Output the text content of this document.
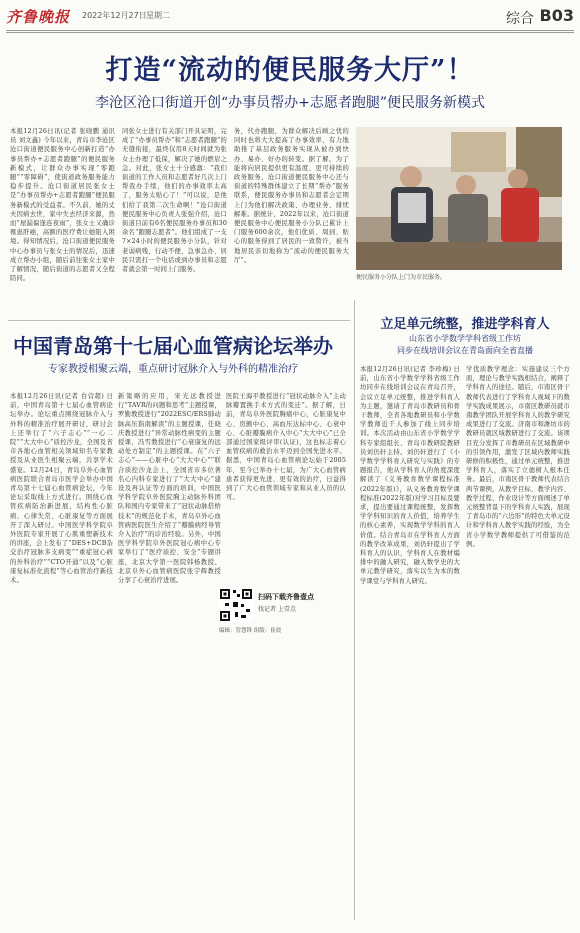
齐鲁晚报 2022年12月27日 星期二	综合 B03
打造“流动的便民服务大厅”！
李沧区沧口街道开创“办事员帮办+志愿者跑腿”便民服务新模式
本报12月26日讯(记者 张晓鹏 通讯员 刘文鑫) 今年以来，青岛市李沧区沧口街道便民服务中心创新打造“办事员帮办+志愿者跑腿”的便民服务新模式，让群众办事实现“零跑腿”“零障碍”，使街道政务服务能力稳步提升。沧口街道居民张女士是“办事员帮办+志愿者跑腿”便民服务新模式的受益者。不久前，她的丈夫因病去世，家中失去经济来源，然而“屋漏偏逢连夜雨”，张女士又确诊罹患肝癌，高额的医疗费让她陷入困境。得知情况后，沧口街道便民服务中心办事员与张女士的情况后，迅速成立帮办小组，随后前往张女士家中了解情况，随后街道的志愿者又全程陪同。
同张女士进行有关部门开具证明，完成了“办事员帮办”和“志愿者跑腿”的无缝衔接，最终仅用8天时间就为张女士办理了低保，解决了她的燃眉之急。对此，张女士十分感激：“我们街道的工作人员和志愿者好几次上门帮我办手续，他们的办事效率太高了，服务太贴心了！”可以说，是他们给了我第二次生命啊！”沧口街道便民服务中心负责人张强介绍，沧口街道目前有6名便民服务办事员和30余名“跑腿志愿者”。他们组成了一支7×24小时的便民服务小分队，针对老弱病残、行动不便、急事急办、居民只需打一个电话或到办事员和志愿者就会第一时间上门服务。
务，代办跑腿，为群众解决后顾之忧的同时也将大大提高了办事效率，有力地助推了基层政务服务实现从被办到快办、易办、好办的转变。据了解，为了能将向居民提供更有温度、更可持续的政务服务，沧口街道便民服务中心还与街道的特殊群体建立了长期“帮办”服务联系，便民服务办事员和志愿者会定期上门为他们解决政策、办理业务、排忧解难。据统计，2022年以来，沧口街道便民服务中心便民服务小分队已累计上门服务600余次，他们优质、周到、贴心的服务得到了居民的一致赞许，被当地居民亲切地称为“流动的便民服务大厅”。
便民服务小分队上门为市民服务。
中国青岛第十七届心血管病论坛举办
专家教授相聚云端，重点研讨冠脉介入与外科的精准治疗
本报12月26日讯(记者 台营超) 日前，中国青岛第十七届心血管病论坛举办。论坛重点围绕冠脉介入与外科的精准治疗展开研讨，研讨会上还举行了“六子志心”“一心二院”“大大中心”质控沙龙，全国及省市各地心血管相关领域知名专家教授及从业医生相聚云端，共享学术盛宴。12月24日，青岛阜外心血管病医院联合青岛市医学会举办中国青岛第十七届心血管病论坛，今年论坛采取线上方式进行。围绕心血管疾病防治新进展，结构性心脏病、心律失常、心脏康复等方面展开了深入研讨。中国医学科学院阜外医院专家开展了心肌重塑新技术的讲座，会上发布了“DES+DCB杂交治疗冠脉多支病变”“重症冠心病的外科治疗”“CTO开通”以及“心脏康复标准化流程”等心血管治疗新技术。
新策略的应用，宋光远教授进行“TAVR的问题和思考”主题授课，罗勤教授进行“2022ESC/ERS肺动脉高压指南解读”的主题授课，任晓庆教授进行“异常动脉性病变的主题授课，冯雪教授进行“心衰康复的远动处方制定”的主题授课。在“六子志心”——心脏中心“大大中心”“联合质控沙龙会上，全国省市多位著名心内科专家进行了“大大中心”建设及再认证等方面的培训，中国医学科学院阜外医院胸主动脉外科团队和国内专家带来了“冠状动脉搭桥技术”的规范化手术，青岛阜外心血管病医院医生介绍了“瓣膜病经导管介入治疗”的诊治经验。另外，中国医学科学院阜外医院冠心病中心专家举行了“医疗质控、安全”专题讲座，北京大学第一医院韩杨教授、北京阜外心血管病医院张宇辉教授分享了心衰治疗进展。
医院王海平教授进行“冠状动脉介入”主动脉瓣置换手术方式的变迁”。据了解，日前，青岛阜外医院胸痛中心，心脏康复中心、房颤中心、高血压达标中心、心衰中心、心脏瓣膜病介入中心“大大中心”已全部通过国家级评审(认证)，这也标志着心血管疾病的救治水平迈到全国先进水平。据悉，中国青岛心血管病论坛始于2005年，至今已举办十七届，为广大心血管病患者获得更先进、更有效的治疗，日益得到了广大心血管领域专家和从业人员的认可。
扫码下载齐鲁壹点
找记者 上壹点
编辑：管慧锋 组版：崔晨
立足单元统整，推进学科育人
山东省小学数学学科省级工作坊
同步在线培训会议在青岛面向全省直播
本报12月26日讯(记者 李珍梅) 日前，山东省小学数学学科省级工作坊同步在线培训会议在青岛召开，会议立足单元统整，推进学科育人为主题，邀请了青岛市教研员和骨干教师，全省各地教研员和小学数学教师近千人参加了线上同步培训。本次活动由山东省小学数学学科专家组组长、青岛市教研院教研员刘仍轩主持。刘仍轩进行了《小学数学学科育人研究与实践》的专题报告，他从学科育人的角度深度解读了《义务教育数学课程标准(2022年版)》，从义务教育数学课程标准(2022年版)对学习目标及要求，提出要通过课程统整，发挥数学学科知识的育人价值，培养学生的核心素养，实现数学学科的育人价值。结合青岛市在学科育人方面的教学改革成果，刘仍轩提出了学科育人的认识，学科育人在教材编排中的融入研究，融入数学史的大单元教学研究，落实以生为本的数学课堂与学科育人研究。
学优质教学理念：实施建议三个方面，理论与教学实践相结合，阐释了学科育人的途径。随后，市南区骨干教师代表进行了学科育人视域下的数学实践成果展示，市南区教研员就市南教学团队开展学科育人的教学研究成果进行了交流。济南市和潍坊市的教研员就区域教研进行了交流。该项目充分发挥了市教研员在区域教研中的引领作用，激发了区域内教师实践研修的积极性，通过单元统整，推进学科育人，落实了立德树人根本任务。最后，市南区骨干教师代表结合两节课例，从教学目标、教学内容、教学过程、作业设计等方面阐述了单元统整背景下的学科育人实践，展现了青岛市的“六边形”的特色大单元设计和学科育人教学实践的经验，为全省小学数学教师提供了可借鉴的范例。
